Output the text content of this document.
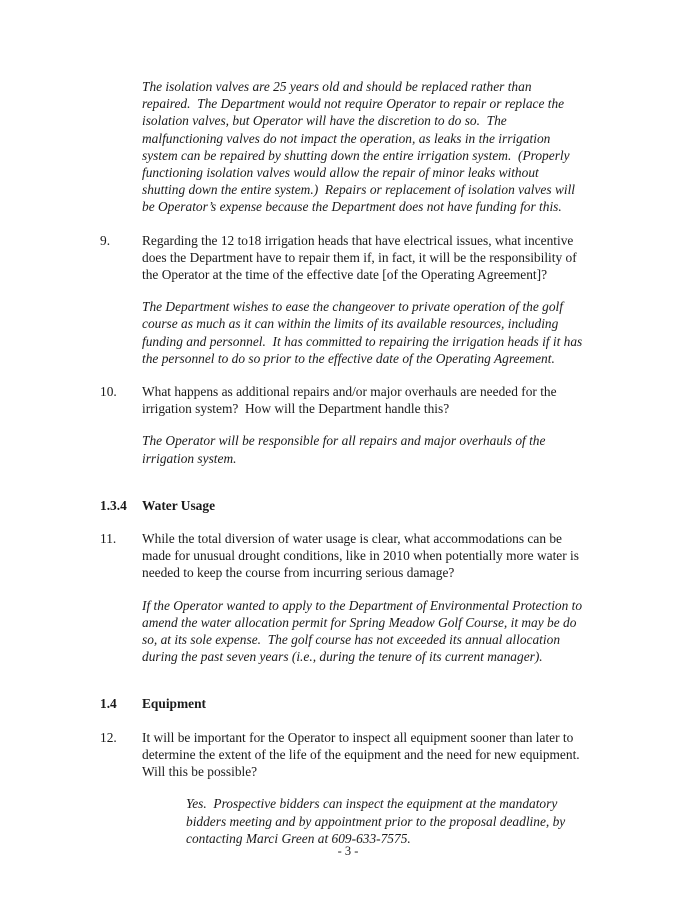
The isolation valves are 25 years old and should be replaced rather than
repaired.  The Department would not require Operator to repair or replace the
isolation valves, but Operator will have the discretion to do so.  The
malfunctioning valves do not impact the operation, as leaks in the irrigation
system can be repaired by shutting down the entire irrigation system.  (Properly
functioning isolation valves would allow the repair of minor leaks without
shutting down the entire system.)  Repairs or replacement of isolation valves will
be Operator’s expense because the Department does not have funding for this.
9.	Regarding the 12 to18 irrigation heads that have electrical issues, what incentive
does the Department have to repair them if, in fact, it will be the responsibility of
the Operator at the time of the effective date [of the Operating Agreement]?
The Department wishes to ease the changeover to private operation of the golf
course as much as it can within the limits of its available resources, including
funding and personnel.  It has committed to repairing the irrigation heads if it has
the personnel to do so prior to the effective date of the Operating Agreement.
10.	What happens as additional repairs and/or major overhauls are needed for the
irrigation system?  How will the Department handle this?
The Operator will be responsible for all repairs and major overhauls of the
irrigation system.
1.3.4	Water Usage
11.	While the total diversion of water usage is clear, what accommodations can be
made for unusual drought conditions, like in 2010 when potentially more water is
needed to keep the course from incurring serious damage?
If the Operator wanted to apply to the Department of Environmental Protection to
amend the water allocation permit for Spring Meadow Golf Course, it may be do
so, at its sole expense.  The golf course has not exceeded its annual allocation
during the past seven years (i.e., during the tenure of its current manager).
1.4	Equipment
12.	It will be important for the Operator to inspect all equipment sooner than later to
determine the extent of the life of the equipment and the need for new equipment.
Will this be possible?
Yes.  Prospective bidders can inspect the equipment at the mandatory
bidders meeting and by appointment prior to the proposal deadline, by
contacting Marci Green at 609-633-7575.
- 3 -
